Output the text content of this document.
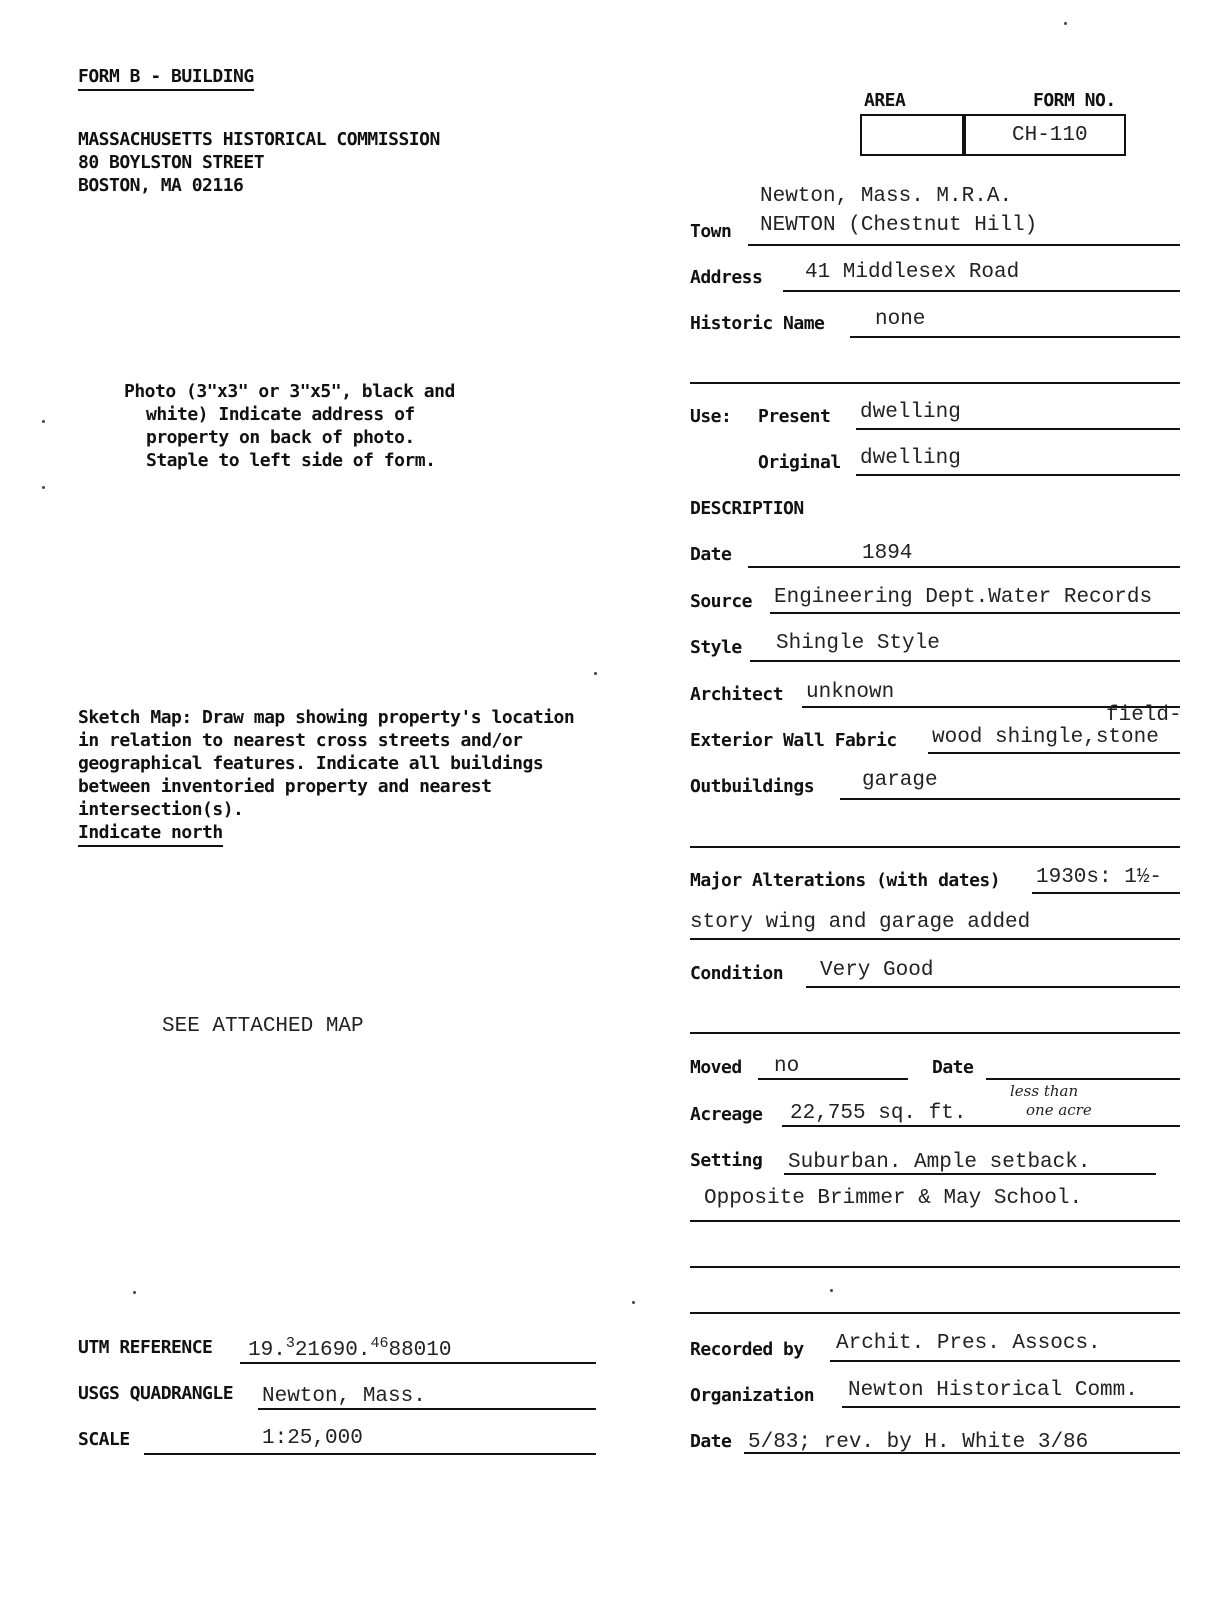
FORM B - BUILDING
MASSACHUSETTS HISTORICAL COMMISSION
80 BOYLSTON STREET
BOSTON, MA 02116
Photo (3"x3" or 3"x5", black and
white) Indicate address of
property on back of photo.
Staple to left side of form.
Sketch Map: Draw map showing property's location
in relation to nearest cross streets and/or
geographical features. Indicate all buildings
between inventoried property and nearest
intersection(s).
Indicate north
SEE ATTACHED MAP
UTM REFERENCE 19.$^3$21690.4688010
USGS QUADRANGLE Newton, Mass.
SCALE	1:25,000
AREA	FORM NO.
CH-110
Newton, Mass. M.R.A.
Town NEWTON (Chestnut Hill)
Address 41 Middlesex Road
Historic Name none
Use: Present dwelling
Original dwelling
DESCRIPTION
Date	1894
Source Engineering Dept.Water Records
Style Shingle Style
Architect unknown
field-
Exterior Wall Fabric wood shingle,stone
Outbuildings garage
Major Alterations (with dates) 1930s: 1½-
story wing and garage added
Condition Very Good
Moved no	Date
less than
one acre
Acreage 22,755 sq. ft.
Setting Suburban. Ample setback.
Opposite Brimmer & May School.
Recorded by Archit. Pres. Assocs.
Organization Newton Historical Comm.
Date 5/83; rev. by H. White 3/86
